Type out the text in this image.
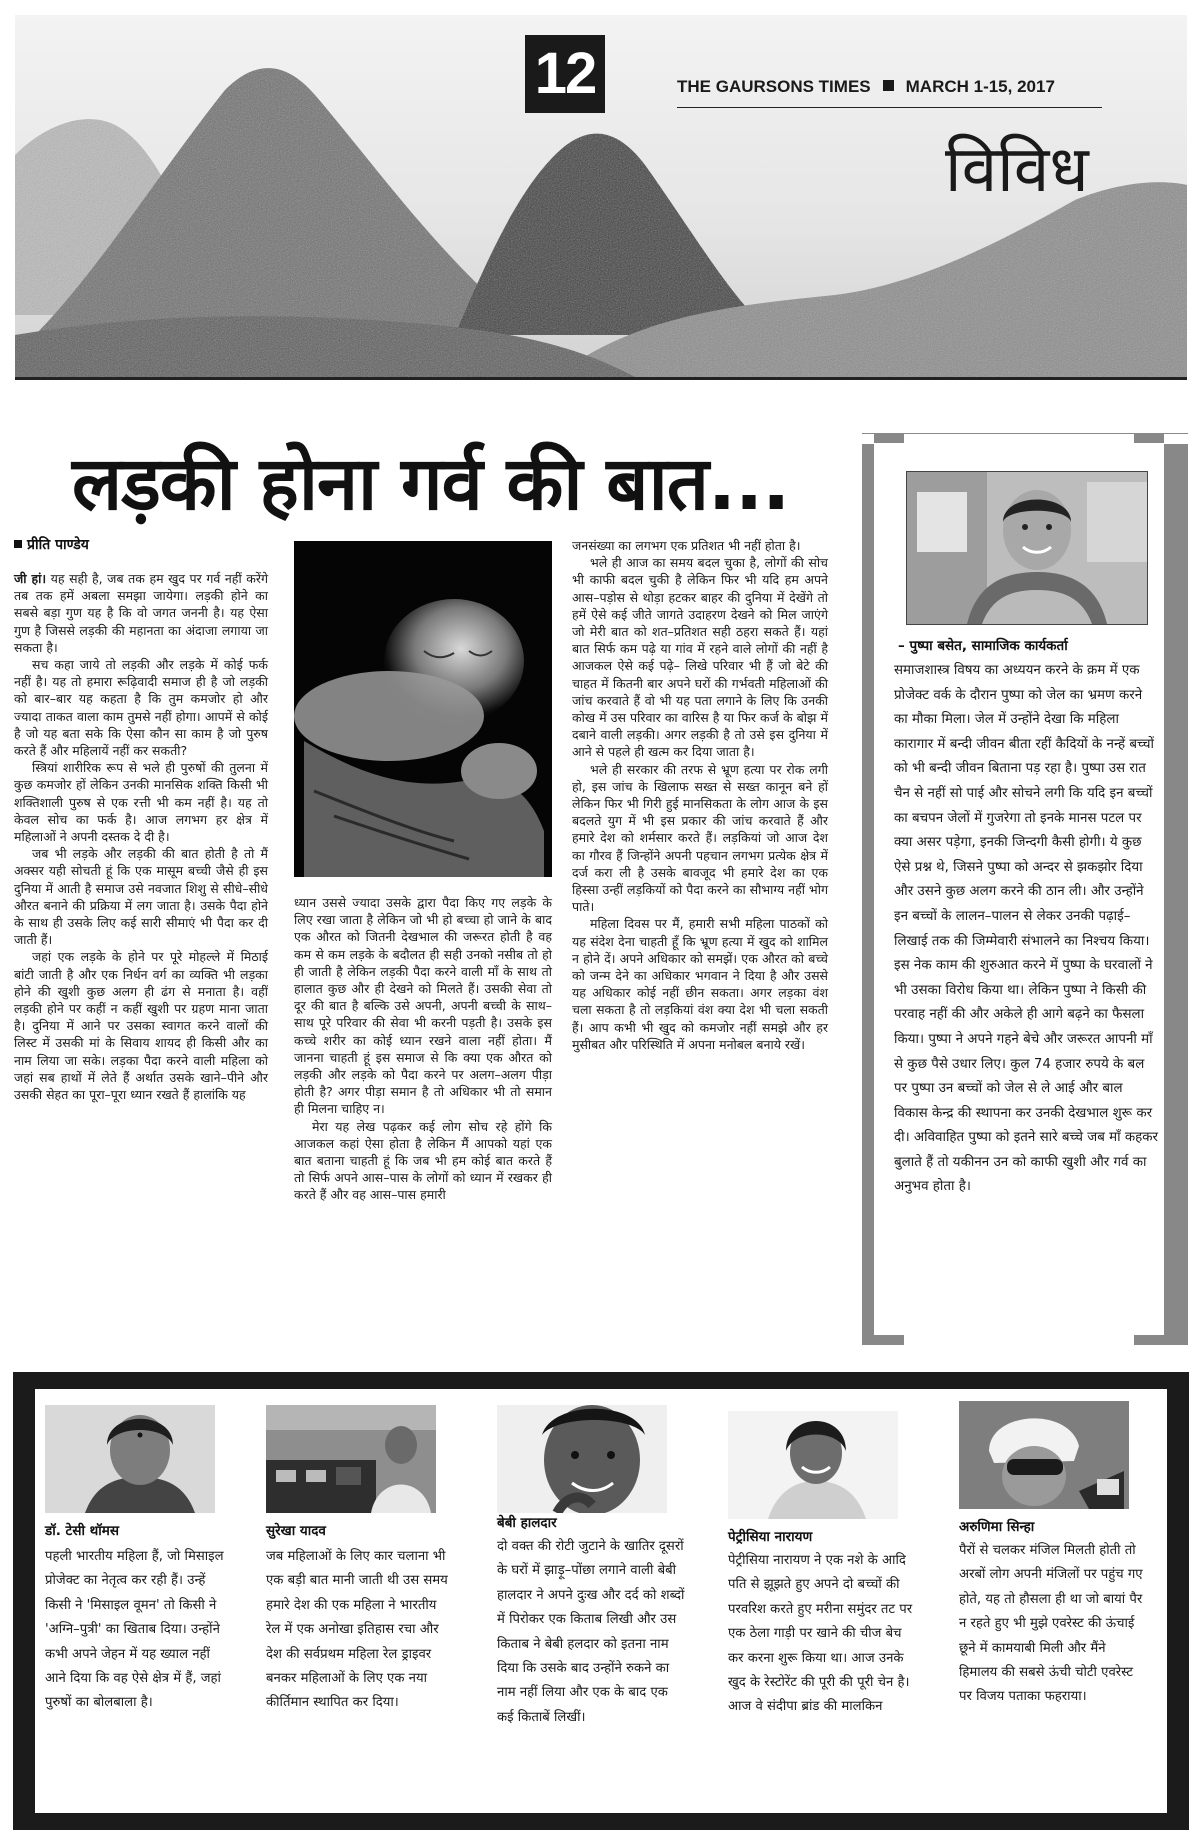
12	THE GAURSONS TIMES MARCH 1-15, 2017
विविध
लड़की होना गर्व की बात...
प्रीति पाण्डेय

जी हां। यह सही है, जब तक हम खुद पर गर्व नहीं करेंगे तब तक हमें अबला समझा जायेगा। लड़की होने का सबसे बड़ा गुण यह है कि वो जगत जननी है। यह ऐसा गुण है जिससे लड़की की महानता का अंदाजा लगाया जा सकता है।

सच कहा जाये तो लड़की और लड़के में कोई फर्क नहीं है। यह तो हमारा रूढ़िवादी समाज ही है जो लड़की को बार–बार यह कहता है कि तुम कमजोर हो और ज्यादा ताकत वाला काम तुमसे नहीं होगा। आपमें से कोई है जो यह बता सके कि ऐसा कौन सा काम है जो पुरुष करते हैं और महिलायें नहीं कर सकती?

स्त्रियां शारीरिक रूप से भले ही पुरुषों की तुलना में कुछ कमजोर हों लेकिन उनकी मानसिक शक्ति किसी भी शक्तिशाली पुरुष से एक रत्ती भी कम नहीं है। यह तो केवल सोच का फर्क है। आज लगभग हर क्षेत्र में महिलाओं ने अपनी दस्तक दे दी है।

जब भी लड़के और लड़की की बात होती है तो मैं अक्सर यही सोचती हूं कि एक मासूम बच्ची जैसे ही इस दुनिया में आती है समाज उसे नवजात शिशु से सीधे–सीधे औरत बनाने की प्रक्रिया में लग जाता है। उसके पैदा होने के साथ ही उसके लिए कई सारी सीमाएं भी पैदा कर दी जाती हैं।

जहां एक लड़के के होने पर पूरे मोहल्ले में मिठाई बांटी जाती है और एक निर्धन वर्ग का व्यक्ति भी लड़का होने की खुशी कुछ अलग ही ढंग से मनाता है। वहीं लड़की होने पर कहीं न कहीं खुशी पर ग्रहण माना जाता है। दुनिया में आने पर उसका स्वागत करने वालों की लिस्ट में उसकी मां के सिवाय शायद ही किसी और का नाम लिया जा सके। लड़का पैदा करने वाली महिला को जहां सब हाथों में लेते हैं अर्थात उसके खाने–पीने और उसकी सेहत का पूरा–पूरा ध्यान रखते हैं हालांकि यह

ध्यान उससे ज्यादा उसके द्वारा पैदा किए गए लड़के के लिए रखा जाता है लेकिन जो भी हो बच्चा हो जाने के बाद एक औरत को जितनी देखभाल की जरूरत होती है वह कम से कम लड़के के बदौलत ही सही उनको नसीब तो हो ही जाती है लेकिन लड़की पैदा करने वाली माँ के साथ तो हालात कुछ और ही देखने को मिलते हैं। उसकी सेवा तो दूर की बात है बल्कि उसे अपनी, अपनी बच्ची के साथ–साथ पूरे परिवार की सेवा भी करनी पड़ती है। उसके इस कच्चे शरीर का कोई ध्यान रखने वाला नहीं होता। मैं जानना चाहती हूं इस समाज से कि क्या एक औरत को लड़की और लड़के को पैदा करने पर अलग–अलग पीड़ा होती है? अगर पीड़ा समान है तो अधिकार भी तो समान ही मिलना चाहिए न।

मेरा यह लेख पढ़कर कई लोग सोच रहे होंगे कि आजकल कहां ऐसा होता है लेकिन मैं आपको यहां एक बात बताना चाहती हूं कि जब भी हम कोई बात करते हैं तो सिर्फ अपने आस–पास के लोगों को ध्यान में रखकर ही करते हैं और वह आस–पास हमारी

जनसंख्या का लगभग एक प्रतिशत भी नहीं होता है।

भले ही आज का समय बदल चुका है, लोगों की सोच भी काफी बदल चुकी है लेकिन फिर भी यदि हम अपने आस–पड़ोस से थोड़ा हटकर बाहर की दुनिया में देखेंगे तो हमें ऐसे कई जीते जागते उदाहरण देखने को मिल जाएंगे जो मेरी बात को शत–प्रतिशत सही ठहरा सकते हैं। यहां बात सिर्फ कम पढ़े या गांव में रहने वाले लोगों की नहीं है आजकल ऐसे कई पढ़े– लिखे परिवार भी हैं जो बेटे की चाहत में कितनी बार अपने घरों की गर्भवती महिलाओं की जांच करवाते हैं वो भी यह पता लगाने के लिए कि उनकी कोख में उस परिवार का वारिस है या फिर कर्ज के बोझ में दबाने वाली लड़की। अगर लड़की है तो उसे इस दुनिया में आने से पहले ही खत्म कर दिया जाता है।

भले ही सरकार की तरफ से भ्रूण हत्या पर रोक लगी हो, इस जांच के खिलाफ सख्त से सख्त कानून बने हों लेकिन फिर भी गिरी हुई मानसिकता के लोग आज के इस बदलते युग में भी इस प्रकार की जांच करवाते हैं और हमारे देश को शर्मसार करते हैं। लड़कियां जो आज देश का गौरव हैं जिन्होंने अपनी पहचान लगभग प्रत्येक क्षेत्र में दर्ज करा ली है उसके बावजूद भी हमारे देश का एक हिस्सा उन्हीं लड़कियों को पैदा करने का सौभाग्य नहीं भोग पाते।

महिला दिवस पर मैं, हमारी सभी महिला पाठकों को यह संदेश देना चाहती हूँ कि भ्रूण हत्या में खुद को शामिल न होने दें। अपने अधिकार को समझें। एक औरत को बच्चे को जन्म देने का अधिकार भगवान ने दिया है और उससे यह अधिकार कोई नहीं छीन सकता। अगर लड़का वंश चला सकता है तो लड़कियां वंश क्या देश भी चला सकती हैं। आप कभी भी खुद को कमजोर नहीं समझे और हर मुसीबत और परिस्थिति में अपना मनोबल बनाये रखें।

– पुष्पा बसेत, सामाजिक कार्यकर्ता
समाजशास्त्र विषय का अध्ययन करने के क्रम में एक प्रोजेक्ट वर्क के दौरान पुष्पा को जेल का भ्रमण करने का मौका मिला। जेल में उन्होंने देखा कि महिला कारागार में बन्दी जीवन बीता रहीं कैदियों के नन्हें बच्चों को भी बन्दी जीवन बिताना पड़ रहा है। पुष्पा उस रात चैन से नहीं सो पाई और सोचने लगी कि यदि इन बच्चों का बचपन जेलों में गुजरेगा तो इनके मानस पटल पर क्या असर पड़ेगा, इनकी जिन्दगी कैसी होगी। ये कुछ ऐसे प्रश्न थे, जिसने पुष्पा को अन्दर से झकझोर दिया और उसने कुछ अलग करने की ठान ली। और उन्होंने इन बच्चों के लालन–पालन से लेकर उनकी पढ़ाई–लिखाई तक की जिम्मेवारी संभालने का निश्चय किया। इस नेक काम की शुरुआत करने में पुष्पा के घरवालों ने भी उसका विरोध किया था। लेकिन पुष्पा ने किसी की परवाह नहीं की और अकेले ही आगे बढ़ने का फैसला किया। पुष्पा ने अपने गहने बेचे और जरूरत आपनी माँ से कुछ पैसे उधार लिए। कुल 74 हजार रुपये के बल पर पुष्पा उन बच्चों को जेल से ले आई और बाल विकास केन्द्र की स्थापना कर उनकी देखभाल शुरू कर दी। अविवाहित पुष्पा को इतने सारे बच्चे जब माँ कहकर बुलाते हैं तो यकीनन उन को काफी खुशी और गर्व का अनुभव होता है।
डॉ. टेसी थॉमस
पहली भारतीय महिला हैं, जो मिसाइल प्रोजेक्ट का नेतृत्व कर रही हैं। उन्हें किसी ने 'मिसाइल वूमन' तो किसी ने 'अग्नि–पुत्री' का खिताब दिया। उन्होंने कभी अपने जेहन में यह ख्याल नहीं आने दिया कि वह ऐसे क्षेत्र में हैं, जहां पुरुषों का बोलबाला है।
सुरेखा यादव
जब महिलाओं के लिए कार चलाना भी एक बड़ी बात मानी जाती थी उस समय हमारे देश की एक महिला ने भारतीय रेल में एक अनोखा इतिहास रचा और देश की सर्वप्रथम महिला रेल ड्राइवर बनकर महिलाओं के लिए एक नया कीर्तिमान स्थापित कर दिया।
बेबी हालदार
दो वक्त की रोटी जुटाने के खातिर दूसरों के घरों में झाड़ू–पोंछा लगाने वाली बेबी हालदार ने अपने दुःख और दर्द को शब्दों में पिरोकर एक किताब लिखी और उस किताब ने बेबी हलदार को इतना नाम दिया कि उसके बाद उन्होंने रुकने का नाम नहीं लिया और एक के बाद एक कई किताबें लिखीं।
पेट्रीसिया नारायण
पेट्रीसिया नारायण ने एक नशे के आदि पति से झूझते हुए अपने दो बच्चों की परवरिश करते हुए मरीना समुंदर तट पर एक ठेला गाड़ी पर खाने की चीज बेच कर करना शुरू किया था। आज उनके खुद के रेस्टोरेंट की पूरी की पूरी चेन है। आज वे संदीपा ब्रांड की मालकिन
अरुणिमा सिन्हा
पैरों से चलकर मंजिल मिलती होती तो अरबों लोग अपनी मंजिलों पर पहुंच गए होते, यह तो हौसला ही था जो बायां पैर न रहते हुए भी मुझे एवरेस्ट की ऊंचाई छूने में कामयाबी मिली और मैंने हिमालय की सबसे ऊंची चोटी एवरेस्ट पर विजय पताका फहराया।
